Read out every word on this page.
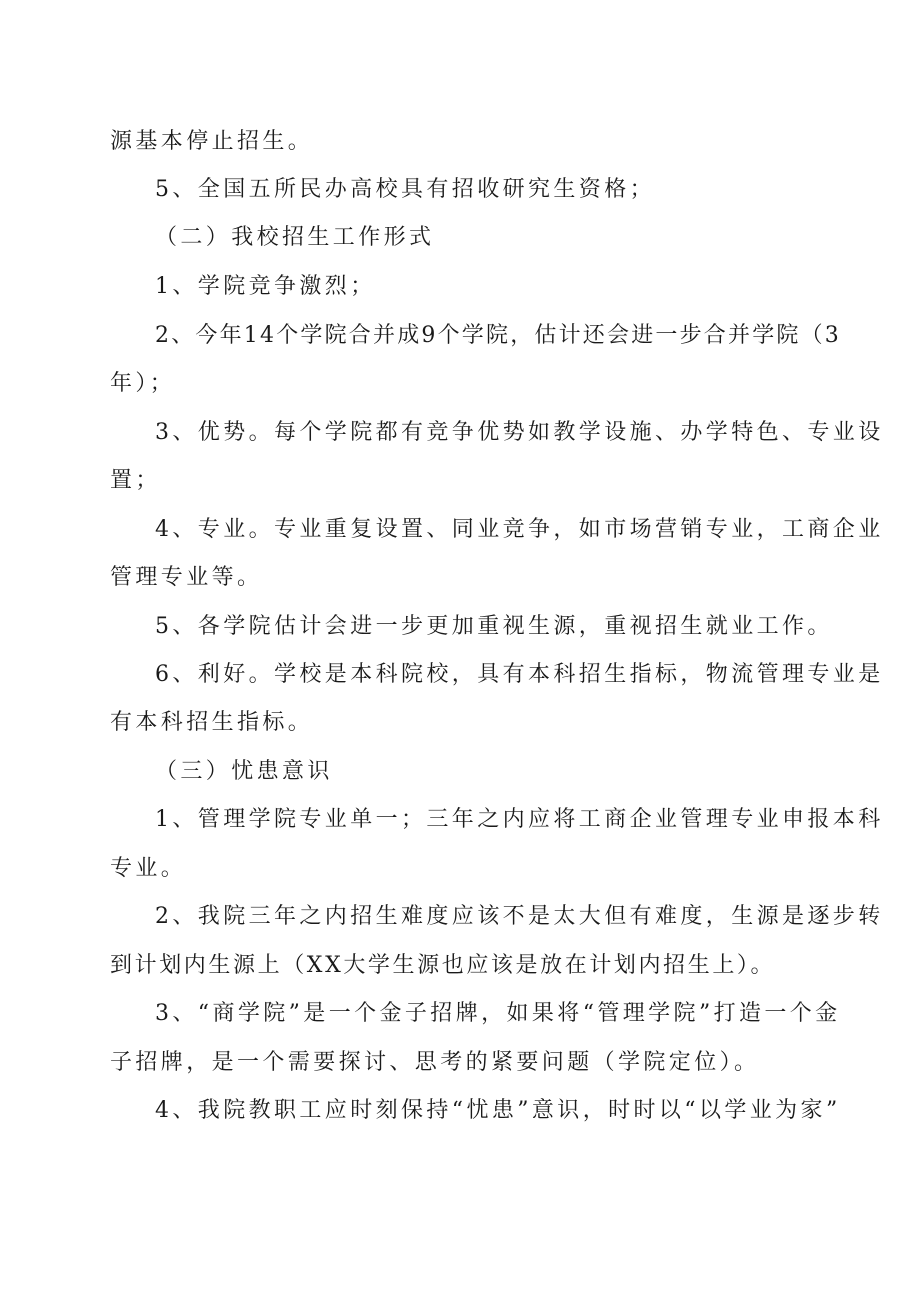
源基本停止招生。
5、全国五所民办高校具有招收研究生资格；
（二）我校招生工作形式
1、学院竞争激烈；
2、今年14个学院合并成9个学院，估计还会进一步合并学院（3
年）；
3、优势。每个学院都有竞争优势如教学设施、办学特色、专业设
置；
4、专业。专业重复设置、同业竞争，如市场营销专业，工商企业
管理专业等。
5、各学院估计会进一步更加重视生源，重视招生就业工作。
6、利好。学校是本科院校，具有本科招生指标，物流管理专业是
有本科招生指标。
（三）忧患意识
1、管理学院专业单一；三年之内应将工商企业管理专业申报本科
专业。
2、我院三年之内招生难度应该不是太大但有难度，生源是逐步转
到计划内生源上（XX大学生源也应该是放在计划内招生上）。
3、“商学院”是一个金子招牌，如果将“管理学院”打造一个金
子招牌，是一个需要探讨、思考的紧要问题（学院定位）。
4、我院教职工应时刻保持“忧患”意识，时时以“以学业为家”
